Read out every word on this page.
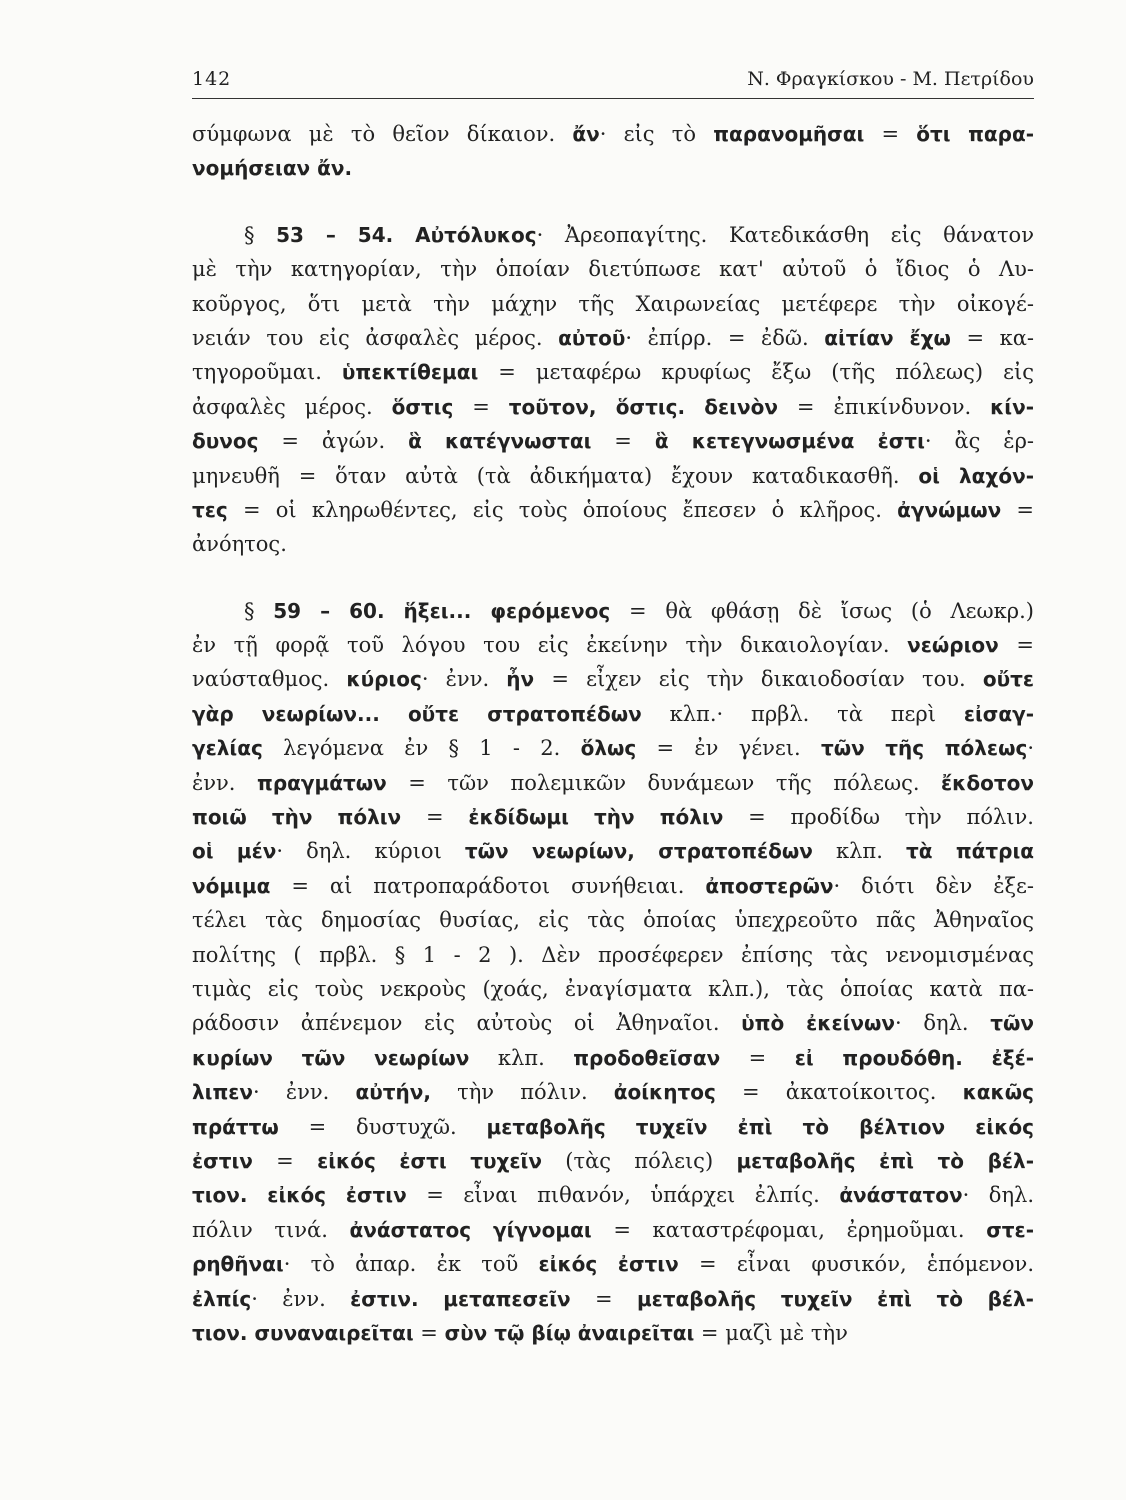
142	Ν. Φραγκίσκου - Μ. Πετρίδου
σύμφωνα μὲ τὸ θεῖον δίκαιον. ἄν· εἰς τὸ παρανομῆσαι = ὅτι παρα-
νομήσειαν ἄν.
§ 53 – 54. Αὐτόλυκος· Ἀρεοπαγίτης. Κατεδικάσθη εἰς θάνατον
μὲ τὴν κατηγορίαν, τὴν ὁποίαν διετύπωσε κατ' αὐτοῦ ὁ ἴδιος ὁ Λυ-
κοῦργος, ὅτι μετὰ τὴν μάχην τῆς Χαιρωνείας μετέφερε τὴν οἰκογέ-
νειάν του εἰς ἀσφαλὲς μέρος. αὐτοῦ· ἐπίρρ. = ἐδῶ. αἰτίαν ἔχω = κα-
τηγοροῦμαι. ὑπεκτίθεμαι = μεταφέρω κρυφίως ἔξω (τῆς πόλεως) εἰς
ἀσφαλὲς μέρος. ὅστις = τοῦτον, ὅστις. δεινὸν = ἐπικίνδυνον. κίν-
δυνος = ἀγών. ἃ κατέγνωσται = ἃ κετεγνωσμένα ἐστι· ἂς ἑρ-
μηνευθῆ = ὅταν αὐτὰ (τὰ ἀδικήματα) ἔχουν καταδικασθῆ. οἱ λαχόν-
τες = οἱ κληρωθέντες, εἰς τοὺς ὁποίους ἔπεσεν ὁ κλῆρος. ἀγνώμων =
ἀνόητος.
§ 59 – 60. ἥξει... φερόμενος = θὰ φθάσῃ δὲ ἴσως (ὁ Λεωκρ.)
ἐν τῇ φορᾷ τοῦ λόγου του εἰς ἐκείνην τὴν δικαιολογίαν. νεώριον =
ναύσταθμος. κύριος· ἐνν. ἦν = εἶχεν εἰς τὴν δικαιοδοσίαν του. οὔτε
γὰρ νεωρίων... οὔτε στρατοπέδων κλπ.· πρβλ. τὰ περὶ εἰσαγ-
γελίας λεγόμενα ἐν § 1 - 2. ὅλως = ἐν γένει. τῶν τῆς πόλεως·
ἐνν. πραγμάτων = τῶν πολεμικῶν δυνάμεων τῆς πόλεως. ἔκδοτον
ποιῶ τὴν πόλιν = ἐκδίδωμι τὴν πόλιν = προδίδω τὴν πόλιν.
οἱ μέν· δηλ. κύριοι τῶν νεωρίων, στρατοπέδων κλπ. τὰ πάτρια
νόμιμα = αἱ πατροπαράδοτοι συνήθειαι. ἀποστερῶν· διότι δὲν ἐξε-
τέλει τὰς δημοσίας θυσίας, εἰς τὰς ὁποίας ὑπεχρεοῦτο πᾶς Ἀθηναῖος
πολίτης ( πρβλ. § 1 - 2 ). Δὲν προσέφερεν ἐπίσης τὰς νενομισμένας
τιμὰς εἰς τοὺς νεκροὺς (χοάς, ἐναγίσματα κλπ.), τὰς ὁποίας κατὰ πα-
ράδοσιν ἀπένεμον εἰς αὐτοὺς οἱ Ἀθηναῖοι. ὑπὸ ἐκείνων· δηλ. τῶν
κυρίων τῶν νεωρίων κλπ. προδοθεῖσαν = εἰ προυδόθη. ἐξέ-
λιπεν· ἐνν. αὐτήν, τὴν πόλιν. ἀοίκητος = ἀκατοίκοιτος. κακῶς
πράττω = δυστυχῶ. μεταβολῆς τυχεῖν ἐπὶ τὸ βέλτιον εἰκός
ἐστιν = εἰκός ἐστι τυχεῖν (τὰς πόλεις) μεταβολῆς ἐπὶ τὸ βέλ-
τιον. εἰκός ἐστιν = εἶναι πιθανόν, ὑπάρχει ἐλπίς. ἀνάστατον· δηλ.
πόλιν τινά. ἀνάστατος γίγνομαι = καταστρέφομαι, ἐρημοῦμαι. στε-
ρηθῆναι· τὸ ἀπαρ. ἐκ τοῦ εἰκός ἐστιν = εἶναι φυσικόν, ἑπόμενον.
ἐλπίς· ἐνν. ἐστιν. μεταπεσεῖν = μεταβολῆς τυχεῖν ἐπὶ τὸ βέλ-
τιον. συναναιρεῖται = σὺν τῷ βίῳ ἀναιρεῖται = μαζὶ μὲ τὴν
